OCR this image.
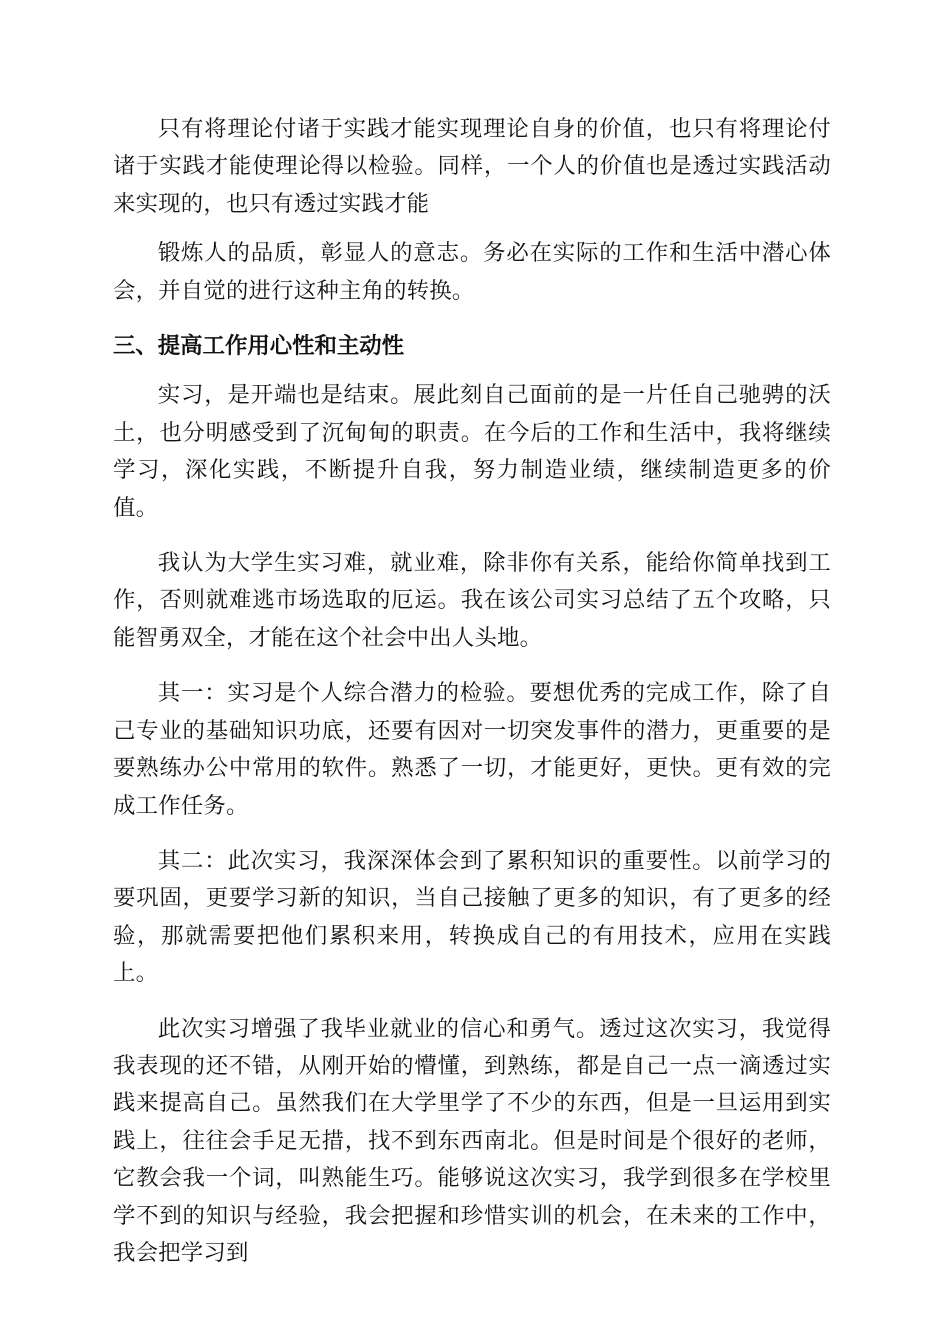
只有将理论付诸于实践才能实现理论自身的价值，也只有将理论付诸于实践才能使理论得以检验。同样，一个人的价值也是透过实践活动来实现的，也只有透过实践才能

锻炼人的品质，彰显人的意志。务必在实际的工作和生活中潜心体会，并自觉的进行这种主角的转换。

三、提高工作用心性和主动性

实习，是开端也是结束。展此刻自己面前的是一片任自己驰骋的沃土，也分明感受到了沉甸甸的职责。在今后的工作和生活中，我将继续学习，深化实践，不断提升自我，努力制造业绩，继续制造更多的价值。

我认为大学生实习难，就业难，除非你有关系，能给你简单找到工作，否则就难逃市场选取的厄运。我在该公司实习总结了五个攻略，只能智勇双全，才能在这个社会中出人头地。

其一：实习是个人综合潜力的检验。要想优秀的完成工作，除了自己专业的基础知识功底，还要有因对一切突发事件的潜力，更重要的是要熟练办公中常用的软件。熟悉了一切，才能更好，更快。更有效的完成工作任务。

其二：此次实习，我深深体会到了累积知识的重要性。以前学习的要巩固，更要学习新的知识，当自己接触了更多的知识，有了更多的经验，那就需要把他们累积来用，转换成自己的有用技术，应用在实践上。

此次实习增强了我毕业就业的信心和勇气。透过这次实习，我觉得我表现的还不错，从刚开始的懵懂，到熟练，都是自己一点一滴透过实践来提高自己。虽然我们在大学里学了不少的东西，但是一旦运用到实践上，往往会手足无措，找不到东西南北。但是时间是个很好的老师，它教会我一个词，叫熟能生巧。能够说这次实习，我学到很多在学校里学不到的知识与经验，我会把握和珍惜实训的机会，在未来的工作中，我会把学习到
